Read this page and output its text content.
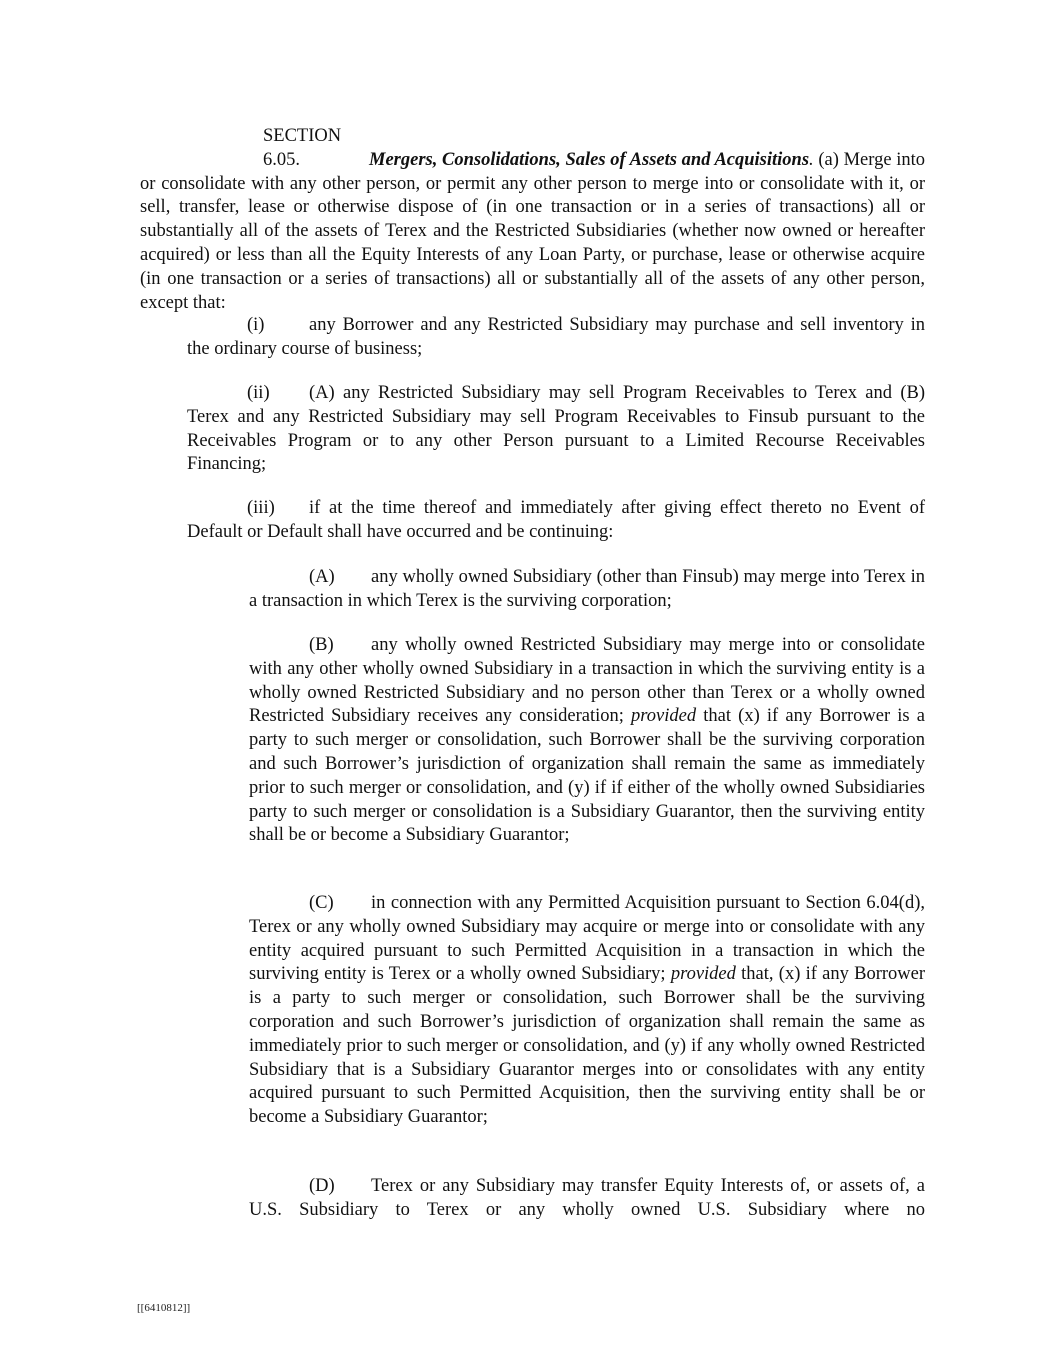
SECTION 6.05.	Mergers, Consolidations, Sales of Assets and Acquisitions. (a) Merge into or consolidate with any other person, or permit any other person to merge into or consolidate with it, or sell, transfer, lease or otherwise dispose of (in one transaction or in a series of transactions) all or substantially all of the assets of Terex and the Restricted Subsidiaries (whether now owned or hereafter acquired) or less than all the Equity Interests of any Loan Party, or purchase, lease or otherwise acquire (in one transaction or a series of transactions) all or substantially all of the assets of any other person, except that:

(i) any Borrower and any Restricted Subsidiary may purchase and sell inventory in the ordinary course of business;

(ii) (A) any Restricted Subsidiary may sell Program Receivables to Terex and (B) Terex and any Restricted Subsidiary may sell Program Receivables to Finsub pursuant to the Receivables Program or to any other Person pursuant to a Limited Recourse Receivables Financing;

(iii) if at the time thereof and immediately after giving effect thereto no Event of Default or Default shall have occurred and be continuing:

(A) any wholly owned Subsidiary (other than Finsub) may merge into Terex in a transaction in which Terex is the surviving corporation;

(B) any wholly owned Restricted Subsidiary may merge into or consolidate with any other wholly owned Subsidiary in a transaction in which the surviving entity is a wholly owned Restricted Subsidiary and no person other than Terex or a wholly owned Restricted Subsidiary receives any consideration; provided that (x) if any Borrower is a party to such merger or consolidation, such Borrower shall be the surviving corporation and such Borrower’s jurisdiction of organization shall remain the same as immediately prior to such merger or consolidation, and (y) if if either of the wholly owned Subsidiaries party to such merger or consolidation is a Subsidiary Guarantor, then the surviving entity shall be or become a Subsidiary Guarantor;

(C) in connection with any Permitted Acquisition pursuant to Section 6.04(d), Terex or any wholly owned Subsidiary may acquire or merge into or consolidate with any entity acquired pursuant to such Permitted Acquisition in a transaction in which the surviving entity is Terex or a wholly owned Subsidiary; provided that, (x) if any Borrower is a party to such merger or consolidation, such Borrower shall be the surviving corporation and such Borrower’s jurisdiction of organization shall remain the same as immediately prior to such merger or consolidation, and (y) if any wholly owned Restricted Subsidiary that is a Subsidiary Guarantor merges into or consolidates with any entity acquired pursuant to such Permitted Acquisition, then the surviving entity shall be or become a Subsidiary Guarantor;

(D) Terex or any Subsidiary may transfer Equity Interests of, or assets of, a U.S. Subsidiary to Terex or any wholly owned U.S. Subsidiary where no

[[6410812]]
